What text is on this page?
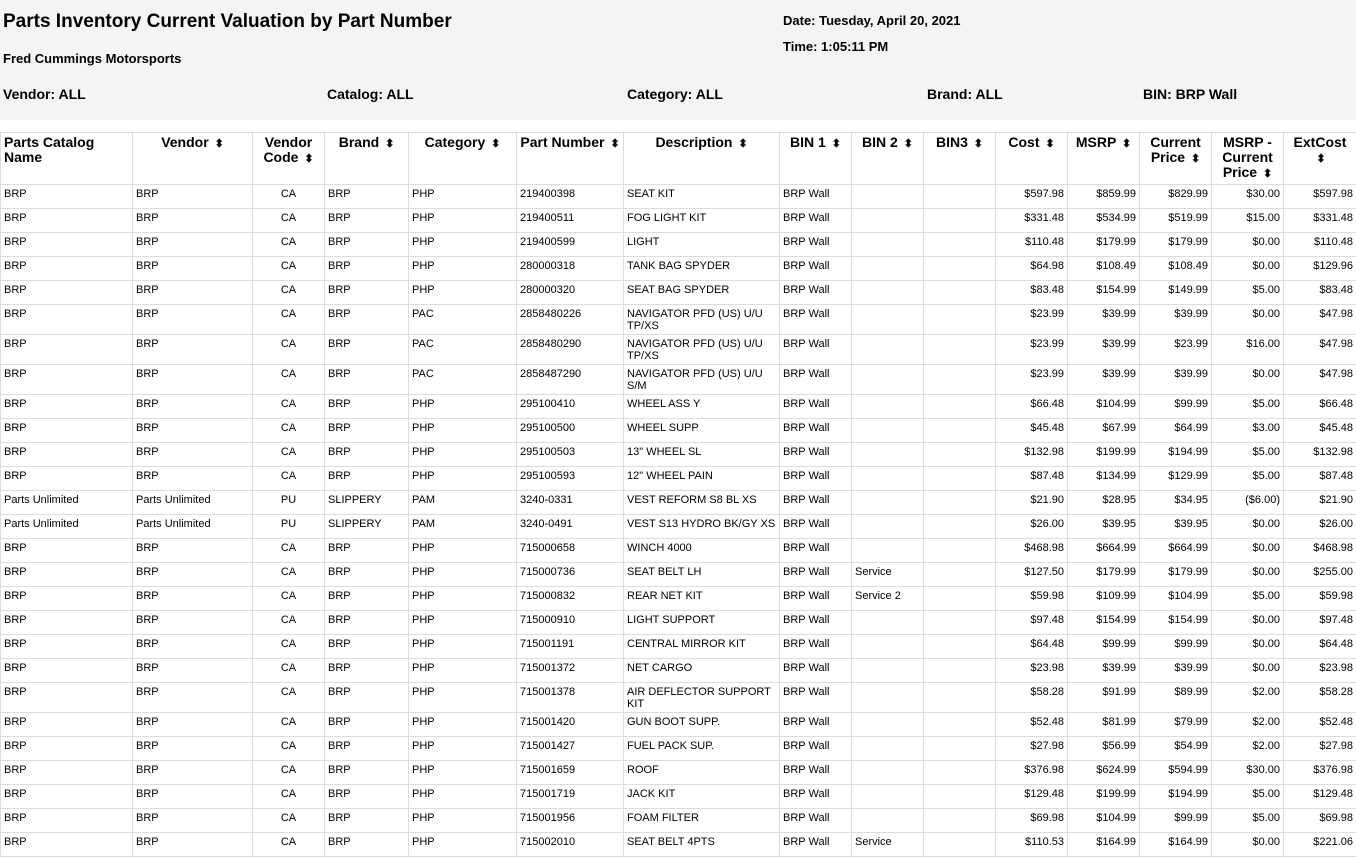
Parts Inventory Current Valuation by Part Number
Fred Cummings Motorsports
Date: Tuesday, April 20, 2021
Time: 1:05:11 PM
Vendor: ALL	Catalog: ALL	Category: ALL	Brand: ALL	BIN: BRP Wall
Parts Catalog Name	Vendor ⬍	Vendor Code ⬍	Brand ⬍	Category ⬍	Part Number ⬍	Description ⬍	BIN 1 ⬍	BIN 2 ⬍	BIN3 ⬍	Cost ⬍	MSRP ⬍	Current Price ⬍	MSRP - Current Price ⬍	ExtCost ⬍
BRP	BRP	CA	BRP	PHP	219400398	SEAT KIT	BRP Wall			$597.98	$859.99	$829.99	$30.00	$597.98
BRP	BRP	CA	BRP	PHP	219400511	FOG LIGHT KIT	BRP Wall			$331.48	$534.99	$519.99	$15.00	$331.48
BRP	BRP	CA	BRP	PHP	219400599	LIGHT	BRP Wall			$110.48	$179.99	$179.99	$0.00	$110.48
BRP	BRP	CA	BRP	PHP	280000318	TANK BAG SPYDER	BRP Wall			$64.98	$108.49	$108.49	$0.00	$129.96
BRP	BRP	CA	BRP	PHP	280000320	SEAT BAG SPYDER	BRP Wall			$83.48	$154.99	$149.99	$5.00	$83.48
BRP	BRP	CA	BRP	PAC	2858480226	NAVIGATOR PFD (US) U/U TP/XS	BRP Wall			$23.99	$39.99	$39.99	$0.00	$47.98
BRP	BRP	CA	BRP	PAC	2858480290	NAVIGATOR PFD (US) U/U TP/XS	BRP Wall			$23.99	$39.99	$23.99	$16.00	$47.98
BRP	BRP	CA	BRP	PAC	2858487290	NAVIGATOR PFD (US) U/U S/M	BRP Wall			$23.99	$39.99	$39.99	$0.00	$47.98
BRP	BRP	CA	BRP	PHP	295100410	WHEEL ASS Y	BRP Wall			$66.48	$104.99	$99.99	$5.00	$66.48
BRP	BRP	CA	BRP	PHP	295100500	WHEEL SUPP	BRP Wall			$45.48	$67.99	$64.99	$3.00	$45.48
BRP	BRP	CA	BRP	PHP	295100503	13" WHEEL SL	BRP Wall			$132.98	$199.99	$194.99	$5.00	$132.98
BRP	BRP	CA	BRP	PHP	295100593	12" WHEEL PAIN	BRP Wall			$87.48	$134.99	$129.99	$5.00	$87.48
Parts Unlimited	Parts Unlimited	PU	SLIPPERY	PAM	3240-0331	VEST REFORM S8 BL XS	BRP Wall			$21.90	$28.95	$34.95	($6.00)	$21.90
Parts Unlimited	Parts Unlimited	PU	SLIPPERY	PAM	3240-0491	VEST S13 HYDRO BK/GY XS	BRP Wall			$26.00	$39.95	$39.95	$0.00	$26.00
BRP	BRP	CA	BRP	PHP	715000658	WINCH 4000	BRP Wall			$468.98	$664.99	$664.99	$0.00	$468.98
BRP	BRP	CA	BRP	PHP	715000736	SEAT BELT LH	BRP Wall	Service		$127.50	$179.99	$179.99	$0.00	$255.00
BRP	BRP	CA	BRP	PHP	715000832	REAR NET KIT	BRP Wall	Service 2		$59.98	$109.99	$104.99	$5.00	$59.98
BRP	BRP	CA	BRP	PHP	715000910	LIGHT SUPPORT	BRP Wall			$97.48	$154.99	$154.99	$0.00	$97.48
BRP	BRP	CA	BRP	PHP	715001191	CENTRAL MIRROR KIT	BRP Wall			$64.48	$99.99	$99.99	$0.00	$64.48
BRP	BRP	CA	BRP	PHP	715001372	NET CARGO	BRP Wall			$23.98	$39.99	$39.99	$0.00	$23.98
BRP	BRP	CA	BRP	PHP	715001378	AIR DEFLECTOR SUPPORT KIT	BRP Wall			$58.28	$91.99	$89.99	$2.00	$58.28
BRP	BRP	CA	BRP	PHP	715001420	GUN BOOT SUPP.	BRP Wall			$52.48	$81.99	$79.99	$2.00	$52.48
BRP	BRP	CA	BRP	PHP	715001427	FUEL PACK SUP.	BRP Wall			$27.98	$56.99	$54.99	$2.00	$27.98
BRP	BRP	CA	BRP	PHP	715001659	ROOF	BRP Wall			$376.98	$624.99	$594.99	$30.00	$376.98
BRP	BRP	CA	BRP	PHP	715001719	JACK KIT	BRP Wall			$129.48	$199.99	$194.99	$5.00	$129.48
BRP	BRP	CA	BRP	PHP	715001956	FOAM FILTER	BRP Wall			$69.98	$104.99	$99.99	$5.00	$69.98
BRP	BRP	CA	BRP	PHP	715002010	SEAT BELT 4PTS	BRP Wall	Service		$110.53	$164.99	$164.99	$0.00	$221.06
